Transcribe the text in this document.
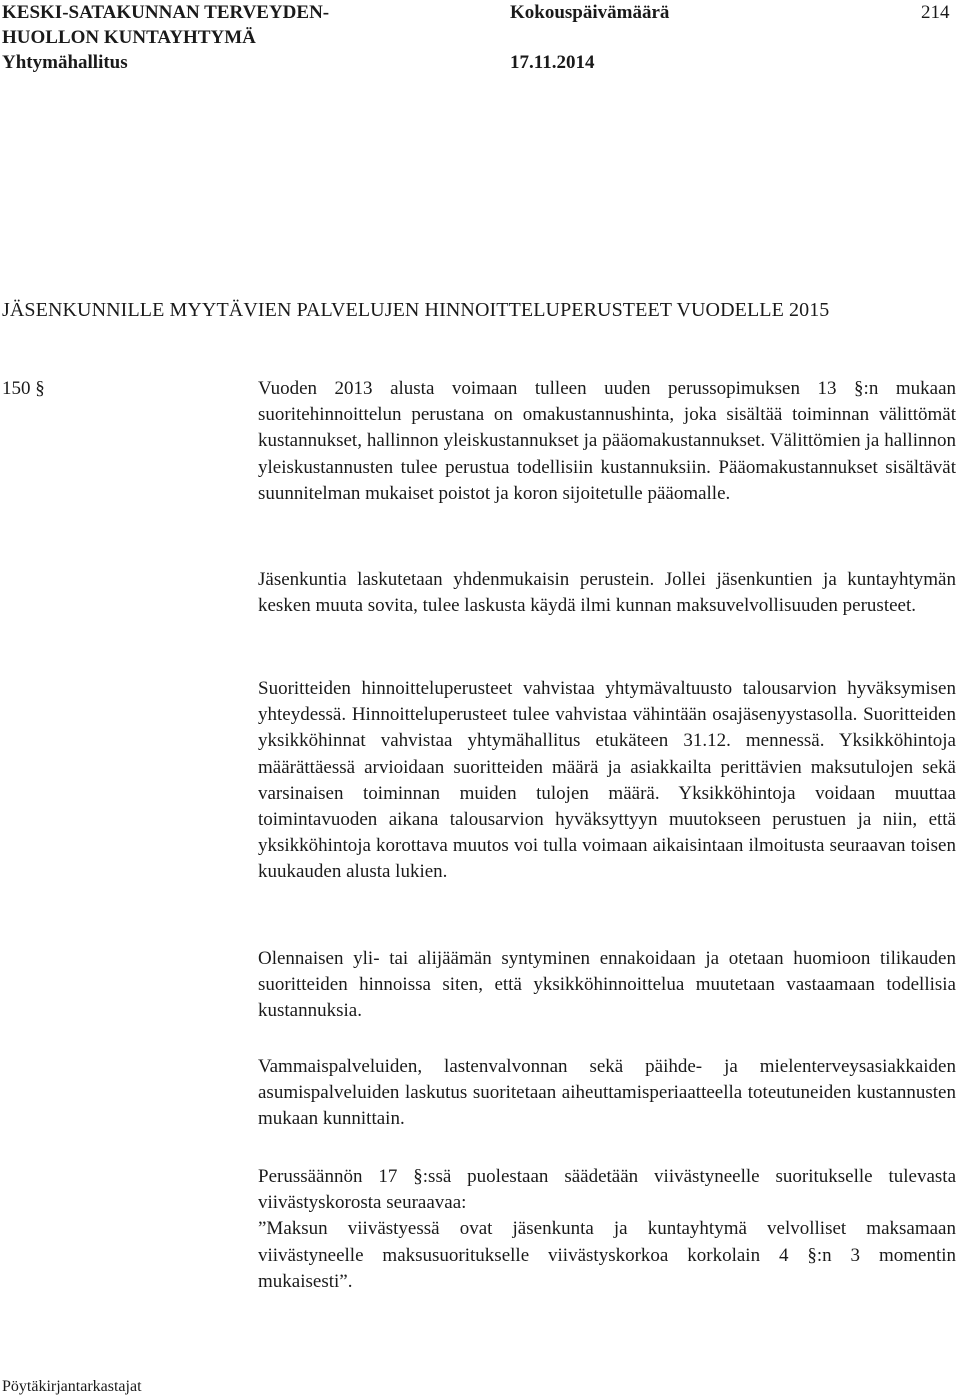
KESKI-SATAKUNNAN TERVEYDEN-
HUOLLON KUNTAYHTYMÄ
Yhtymähallitus
Kokouspäivämäärä
17.11.2014
214
JÄSENKUNNILLE MYYTÄVIEN PALVELUJEN HINNOITTELUPERUSTEET VUODELLE 2015
150 §	Vuoden 2013 alusta voimaan tulleen uuden perussopimuksen 13 §:n mukaan suoritehinnoittelun perustana on omakustannushinta, joka sisältää toiminnan välittömät kustannukset, hallinnon yleiskustannukset ja pääomakustannukset. Välittömien ja hallinnon yleiskustannusten tulee perustua todellisiin kustannuksiin. Pääomakustannukset sisältävät suunnitelman mukaiset poistot ja koron sijoitetulle pääomalle.

Jäsenkuntia laskutetaan yhdenmukaisin perustein. Jollei jäsenkuntien ja kuntayhtymän kesken muuta sovita, tulee laskusta käydä ilmi kunnan maksuvelvollisuuden perusteet.

Suoritteiden hinnoitteluperusteet vahvistaa yhtymävaltuusto talousarvion hyväksymisen yhteydessä. Hinnoitteluperusteet tulee vahvistaa vähintään osajäsenyystasolla. Suoritteiden yksikköhinnat vahvistaa yhtymähallitus etukäteen 31.12. mennessä. Yksikköhintoja määrättäessä arvioidaan suoritteiden määrä ja asiakkailta perittävien maksutulojen sekä varsinaisen toiminnan muiden tulojen määrä. Yksikköhintoja voidaan muuttaa toimintavuoden aikana talousarvion hyväksyttyyn muutokseen perustuen ja niin, että yksikköhintoja korottava muutos voi tulla voimaan aikaisintaan ilmoitusta seuraavan toisen kuukauden alusta lukien.

Olennaisen yli- tai alijäämän syntyminen ennakoidaan ja otetaan huomioon tilikauden suoritteiden hinnoissa siten, että yksikköhinnoittelua muutetaan vastaamaan todellisia kustannuksia.

Vammaispalveluiden, lastenvalvonnan sekä päihde- ja mielenterveysasiakkaiden asumispalveluiden laskutus suoritetaan aiheuttamisperiaatteella toteutuneiden kustannusten mukaan kunnittain.

Perussäännön 17 §:ssä puolestaan säädetään viivästyneelle suoritukselle tulevasta viivästyskorosta seuraavaa:

”Maksun viivästyessä ovat jäsenkunta ja kuntayhtymä velvolliset maksamaan viivästyneelle maksusuoritukselle viivästyskorkoa korkolain 4 §:n 3 momentin mukaisesti”.

Pöytäkirjantarkastajat
